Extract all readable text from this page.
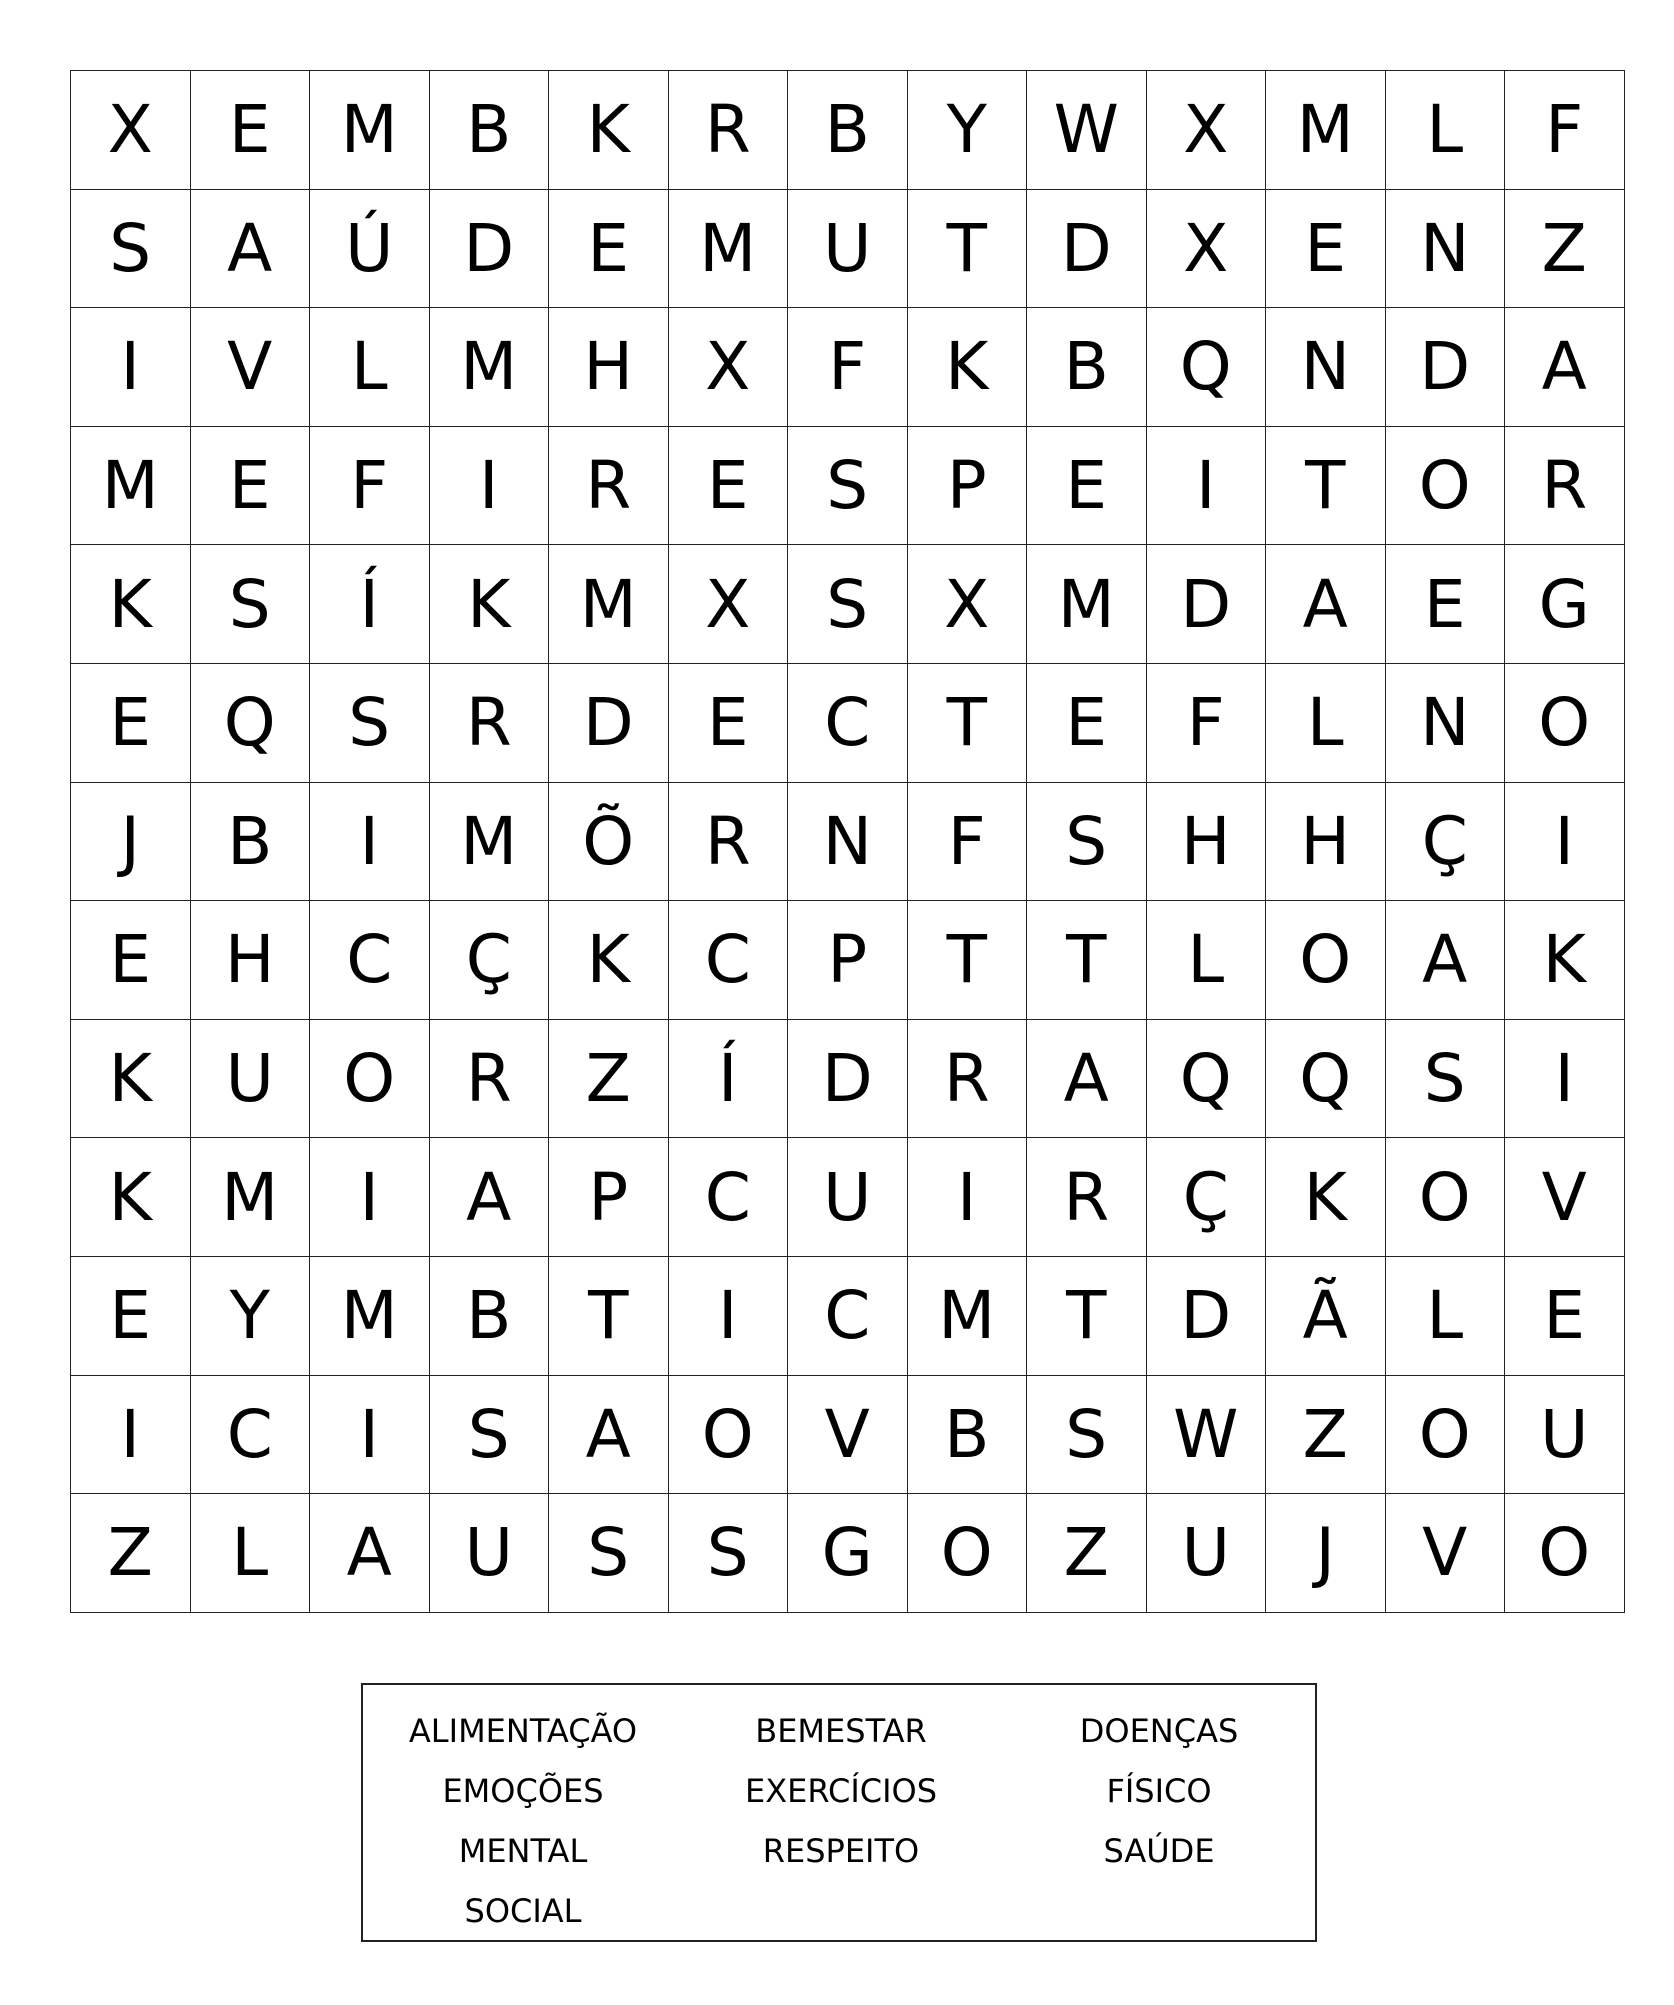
X	E	M	B	K	R	B	Y	W	X	M	L	F
S	A	Ú	D	E	M	U	T	D	X	E	N	Z
I	V	L	M	H	X	F	K	B	Q	N	D	A
M	E	F	I	R	E	S	P	E	I	T	O	R
K	S	Í	K	M	X	S	X	M	D	A	E	G
E	Q	S	R	D	E	C	T	E	F	L	N	O
J	B	I	M	Õ	R	N	F	S	H	H	Ç	I
E	H	C	Ç	K	C	P	T	T	L	O	A	K
K	U	O	R	Z	Í	D	R	A	Q	Q	S	I
K	M	I	A	P	C	U	I	R	Ç	K	O	V
E	Y	M	B	T	I	C	M	T	D	Ã	L	E
I	C	I	S	A	O	V	B	S	W	Z	O	U
Z	L	A	U	S	S	G	O	Z	U	J	V	O
ALIMENTAÇÃO
EMOÇÕES
MENTAL
SOCIAL
BEMESTAR
EXERCÍCIOS
RESPEITO
DOENÇAS
FÍSICO
SAÚDE
